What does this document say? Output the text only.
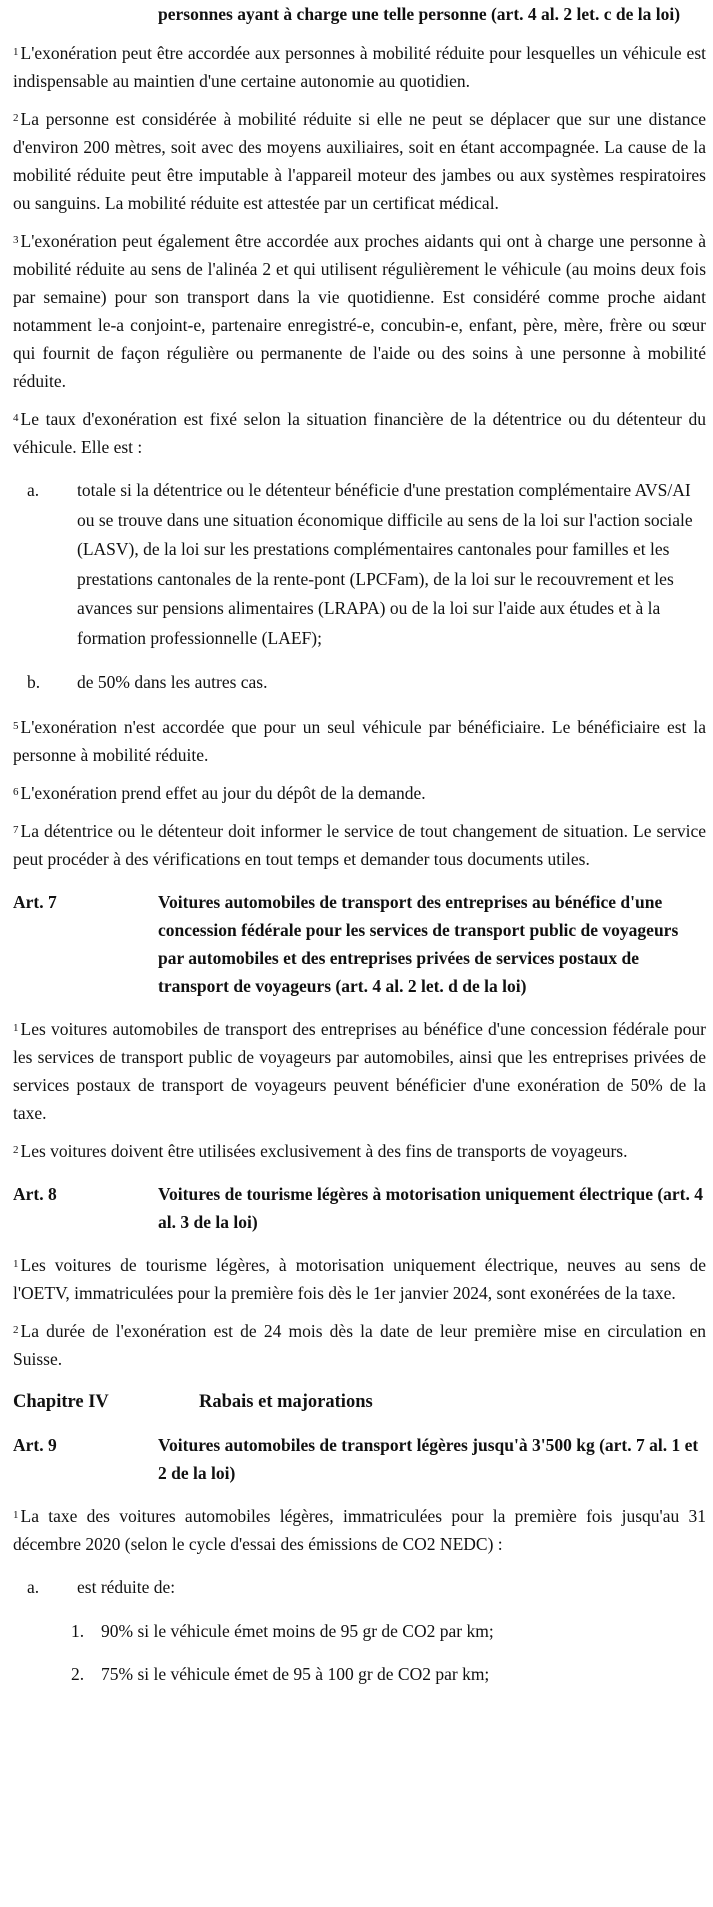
personnes ayant à charge une telle personne (art. 4 al. 2 let. c de la loi)

$^1$ L'exonération peut être accordée aux personnes à mobilité réduite pour lesquelles un véhicule est indispensable au maintien d'une certaine autonomie au quotidien.

$^2$ La personne est considérée à mobilité réduite si elle ne peut se déplacer que sur une distance d'environ 200 mètres, soit avec des moyens auxiliaires, soit en étant accompagnée. La cause de la mobilité réduite peut être imputable à l'appareil moteur des jambes ou aux systèmes respiratoires ou sanguins. La mobilité réduite est attestée par un certificat médical.

$^3$ L'exonération peut également être accordée aux proches aidants qui ont à charge une personne à mobilité réduite au sens de l'alinéa 2 et qui utilisent régulièrement le véhicule (au moins deux fois par semaine) pour son transport dans la vie quotidienne. Est considéré comme proche aidant notamment le-a conjoint-e, partenaire enregistré-e, concubin-e, enfant, père, mère, frère ou sœur qui fournit de façon régulière ou permanente de l'aide ou des soins à une personne à mobilité réduite.

$^4$ Le taux d'exonération est fixé selon la situation financière de la détentrice ou du détenteur du véhicule. Elle est :

a.	totale si la détentrice ou le détenteur bénéficie d'une prestation complémentaire AVS/AI ou se trouve dans une situation économique difficile au sens de la loi sur l'action sociale (LASV), de la loi sur les prestations complémentaires cantonales pour familles et les prestations cantonales de la rente-pont (LPCFam), de la loi sur le recouvrement et les avances sur pensions alimentaires (LRAPA) ou de la loi sur l'aide aux études et à la formation professionnelle (LAEF);
b.	de 50% dans les autres cas.

$^5$ L'exonération n'est accordée que pour un seul véhicule par bénéficiaire. Le bénéficiaire est la personne à mobilité réduite.

$^6$ L'exonération prend effet au jour du dépôt de la demande.

$^7$ La détentrice ou le détenteur doit informer le service de tout changement de situation. Le service peut procéder à des vérifications en tout temps et demander tous documents utiles.

Art. 7	Voitures automobiles de transport des entreprises au bénéfice d'une concession fédérale pour les services de transport public de voyageurs par automobiles et des entreprises privées de services postaux de transport de voyageurs (art. 4 al. 2 let. d de la loi)

$^1$ Les voitures automobiles de transport des entreprises au bénéfice d'une concession fédérale pour les services de transport public de voyageurs par automobiles, ainsi que les entreprises privées de services postaux de transport de voyageurs peuvent bénéficier d'une exonération de 50% de la taxe.

$^2$ Les voitures doivent être utilisées exclusivement à des fins de transports de voyageurs.

Art. 8	Voitures de tourisme légères à motorisation uniquement électrique (art. 4 al. 3 de la loi)

$^1$ Les voitures de tourisme légères, à motorisation uniquement électrique, neuves au sens de l'OETV, immatriculées pour la première fois dès le 1er janvier 2024, sont exonérées de la taxe.

$^2$ La durée de l'exonération est de 24 mois dès la date de leur première mise en circulation en Suisse.

Chapitre IV	Rabais et majorations
Art. 9	Voitures automobiles de transport légères jusqu'à 3'500 kg (art. 7 al. 1 et 2 de la loi)

$^1$ La taxe des voitures automobiles légères, immatriculées pour la première fois jusqu'au 31 décembre 2020 (selon le cycle d'essai des émissions de CO2 NEDC) :

a.	est réduite de:
1. 90% si le véhicule émet moins de 95 gr de CO2 par km;
2. 75% si le véhicule émet de 95 à 100 gr de CO2 par km;
